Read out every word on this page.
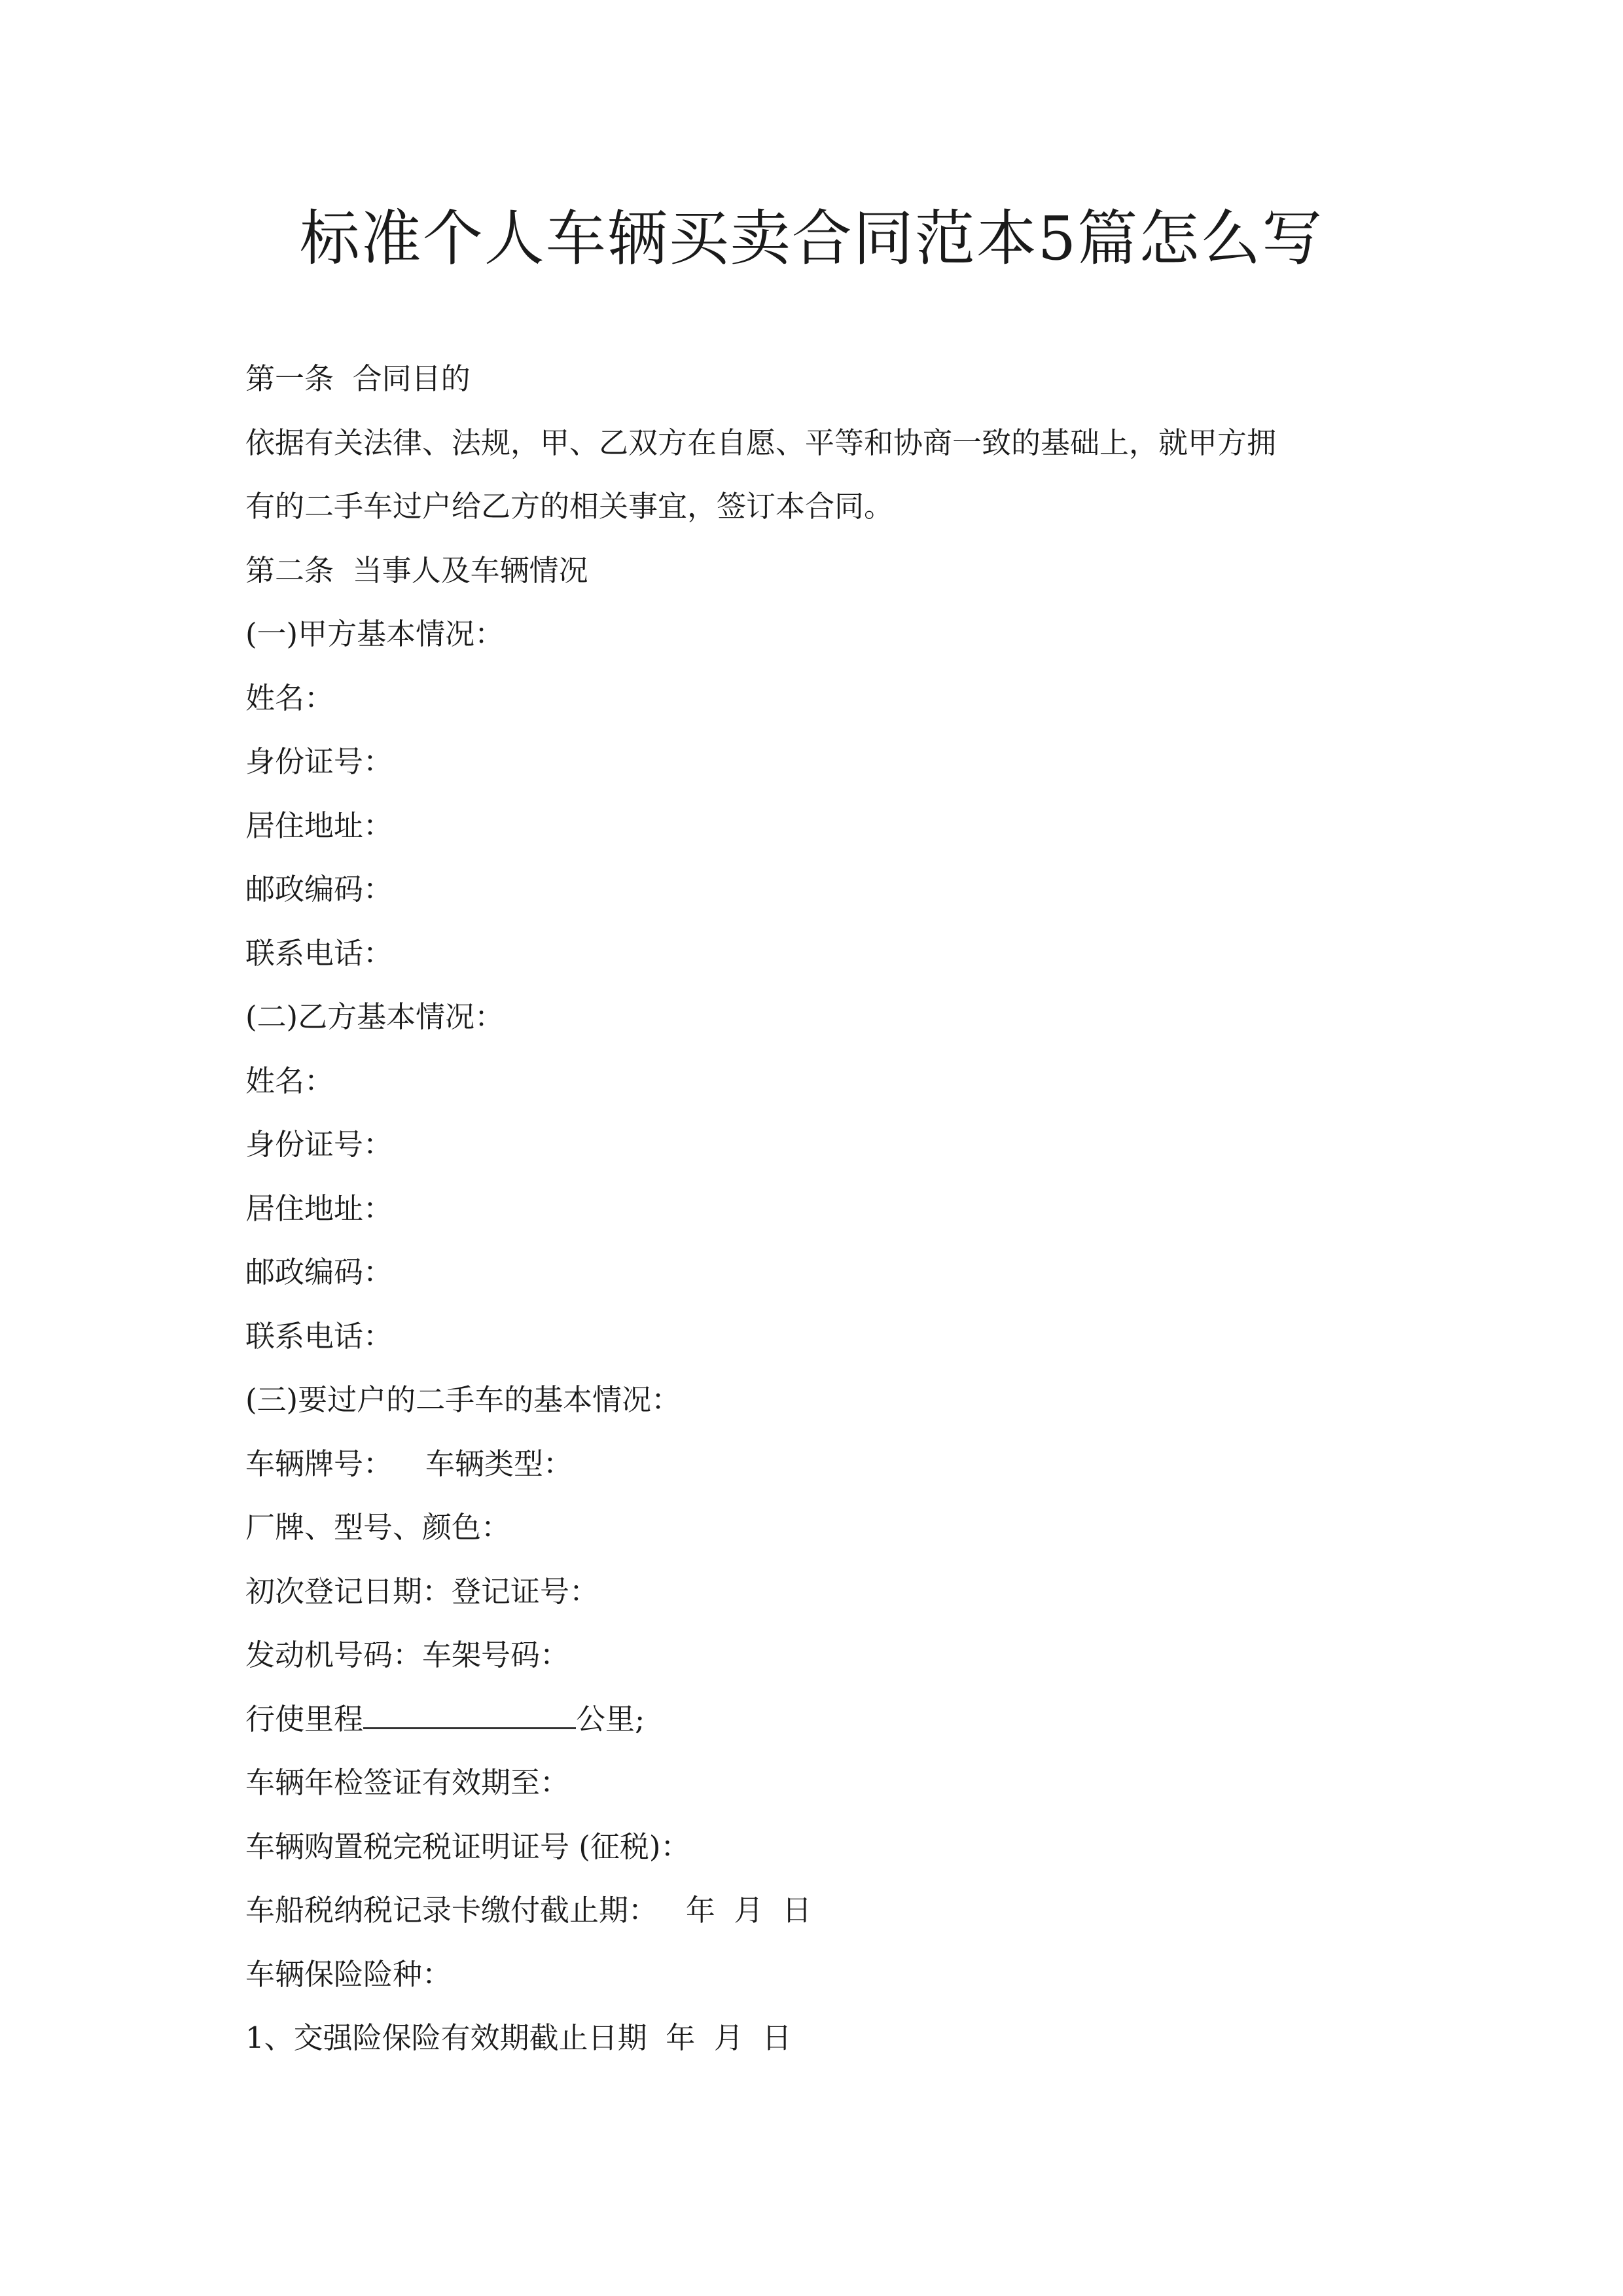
标准个人车辆买卖合同范本5篇怎么写
第一条  合同目的
依据有关法律、法规，甲、乙双方在自愿、平等和协商一致的基础上，就甲方拥
有的二手车过户给乙方的相关事宜，签订本合同。
第二条  当事人及车辆情况
(一)甲方基本情况：
姓名：
身份证号：
居住地址：
邮政编码：
联系电话：
(二)乙方基本情况：
姓名：
身份证号：
居住地址：
邮政编码：
联系电话：
(三)要过户的二手车的基本情况：
车辆牌号： 车辆类型：
厂牌、型号、颜色：
初次登记日期：登记证号：
发动机号码：车架号码：
行使里程	公里;
车辆年检签证有效期至：
车辆购置税完税证明证号 (征税)：
车船税纳税记录卡缴付截止期：   年  月  日
车辆保险险种：
1、交强险保险有效期截止日期  年  月  日
